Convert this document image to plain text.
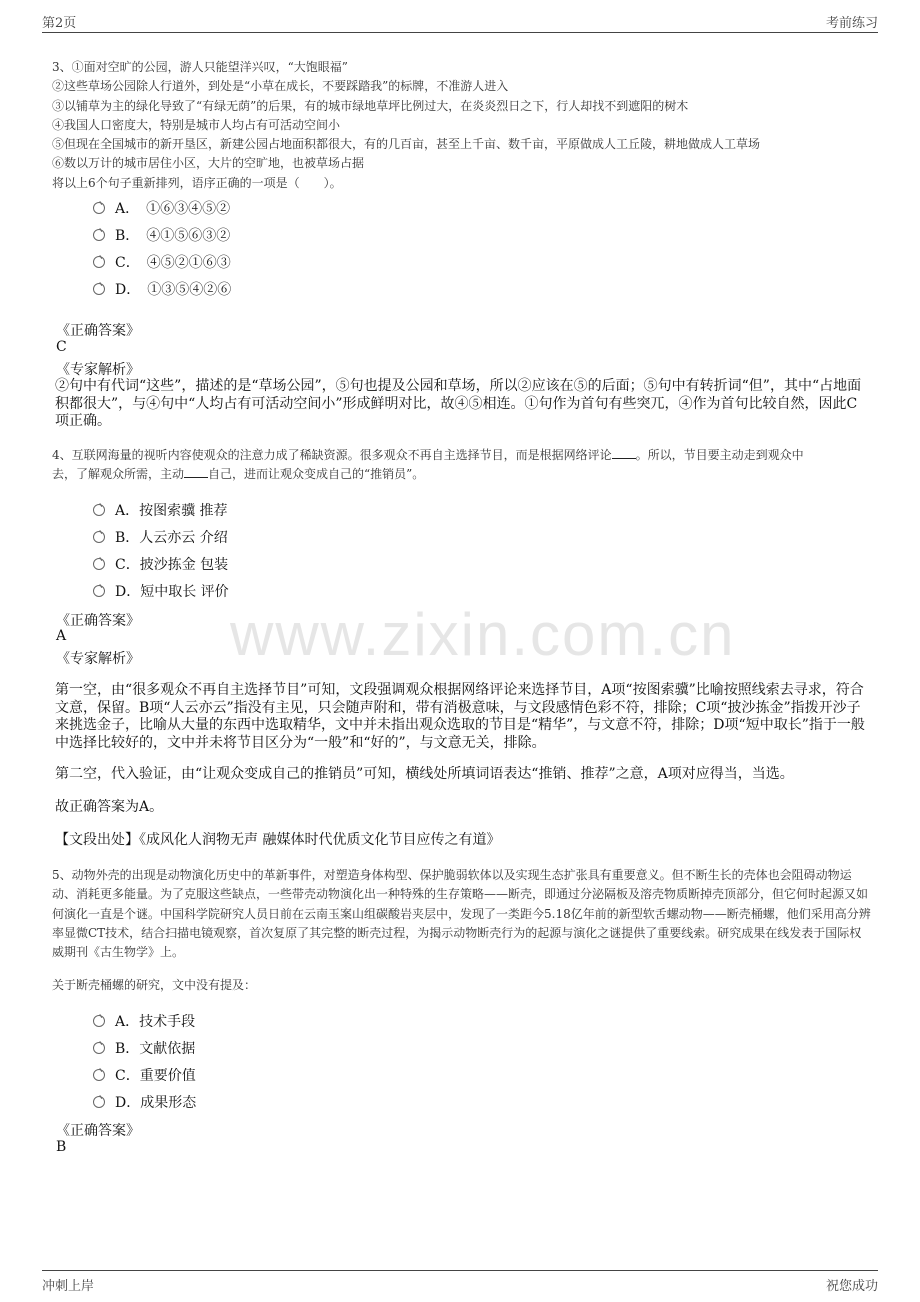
第2页	考前练习
www.zixin.com.cn

3、①面对空旷的公园，游人只能望洋兴叹，“大饱眼福”

②这些草场公园除人行道外，到处是“小草在成长，不要踩踏我”的标牌，不准游人进入

③以铺草为主的绿化导致了“有绿无荫”的后果，有的城市绿地草坪比例过大，在炎炎烈日之下，行人却找不到遮阳的树木

④我国人口密度大，特别是城市人均占有可活动空间小

⑤但现在全国城市的新开垦区，新建公园占地面积都很大，有的几百亩，甚至上千亩、数千亩，平原做成人工丘陵，耕地做成人工草场

⑥数以万计的城市居住小区，大片的空旷地，也被草场占据

将以上6个句子重新排列，语序正确的一项是（　　）。

A．　①⑥③④⑤②
B．　④①⑤⑥③②
C．　④⑤②①⑥③
D．　①③⑤④②⑥
《正确答案》
C
《专家解析》
②句中有代词“这些”，描述的是“草场公园”，⑤句也提及公园和草场，所以②应该在⑤的后面；⑤句中有转折词“但”，其中“占地面积都很大”，与④句中“人均占有可活动空间小”形成鲜明对比，故④⑤相连。①句作为首句有些突兀，④作为首句比较自然，因此C项正确。

4、互联网海量的视听内容使观众的注意力成了稀缺资源。很多观众不再自主选择节目，而是根据网络评论 。所以，节目要主动走到观众中

去，了解观众所需，主动 自己，进而让观众变成自己的“推销员”。

A．按图索骥 推荐
B．人云亦云 介绍
C．披沙拣金 包装
D．短中取长 评价
《正确答案》
A
《专家解析》
第一空，由“很多观众不再自主选择节目”可知，文段强调观众根据网络评论来选择节目，A项“按图索骥”比喻按照线索去寻求，符合文意，保留。B项“人云亦云”指没有主见，只会随声附和，带有消极意味，与文段感情色彩不符，排除；C项“披沙拣金”指拨开沙子来挑选金子，比喻从大量的东西中选取精华，文中并未指出观众选取的节目是“精华”，与文意不符，排除；D项“短中取长”指于一般中选择比较好的，文中并未将节目区分为“一般”和“好的”，与文意无关，排除。
第二空，代入验证，由“让观众变成自己的推销员”可知，横线处所填词语表达“推销、推荐”之意，A项对应得当，当选。
故正确答案为A。
【文段出处】《成风化人润物无声 融媒体时代优质文化节目应传之有道》
5、动物外壳的出现是动物演化历史中的革新事件，对塑造身体构型、保护脆弱软体以及实现生态扩张具有重要意义。但不断生长的壳体也会阻碍动物运动、消耗更多能量。为了克服这些缺点，一些带壳动物演化出一种特殊的生存策略——断壳，即通过分泌隔板及溶壳物质断掉壳顶部分，但它何时起源又如何演化一直是个谜。中国科学院研究人员日前在云南玉案山组碳酸岩夹层中，发现了一类距今5.18亿年前的新型软舌螺动物——断壳桶螺，他们采用高分辨率显微CT技术，结合扫描电镜观察，首次复原了其完整的断壳过程，为揭示动物断壳行为的起源与演化之谜提供了重要线索。研究成果在线发表于国际权威期刊《古生物学》上。
关于断壳桶螺的研究，文中没有提及：
A．技术手段
B．文献依据
C．重要价值
D．成果形态
《正确答案》
B
冲刺上岸	祝您成功
